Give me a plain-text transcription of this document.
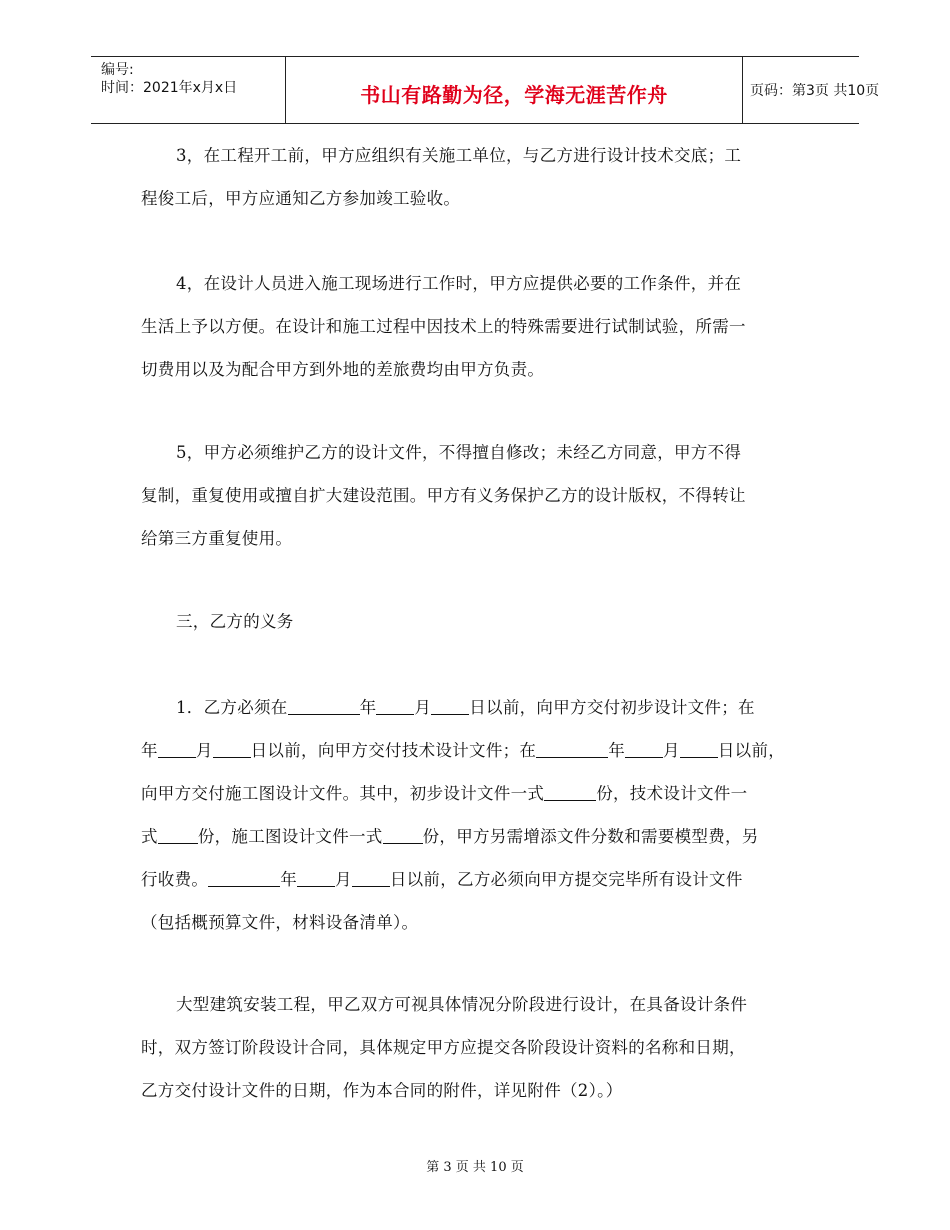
编号:
时间：2021年x月x日	书山有路勤为径，学海无涯苦作舟	页码：第3页 共10页

3，在工程开工前，甲方应组织有关施工单位，与乙方进行设计技术交底；工

程俊工后，甲方应通知乙方参加竣工验收。

4，在设计人员进入施工现场进行工作时，甲方应提供必要的工作条件，并在

生活上予以方便。在设计和施工过程中因技术上的特殊需要进行试制试验，所需一

切费用以及为配合甲方到外地的差旅费均由甲方负责。

5，甲方必须维护乙方的设计文件，不得擅自修改；未经乙方同意，甲方不得

复制，重复使用或擅自扩大建设范围。甲方有义务保护乙方的设计版权，不得转让

给第三方重复使用。

三，乙方的义务

1．乙方必须在	年 月 日以前，向甲方交付初步设计文件；在

年 月 日以前，向甲方交付技术设计文件；在	年 月 日以前，

向甲方交付施工图设计文件。其中，初步设计文件一式	份，技术设计文件一

式 份，施工图设计文件一式 份，甲方另需增添文件分数和需要模型费，另

行收费。	年 月 日以前，乙方必须向甲方提交完毕所有设计文件

（包括概预算文件，材料设备清单）。

大型建筑安装工程，甲乙双方可视具体情况分阶段进行设计，在具备设计条件

时，双方签订阶段设计合同，具体规定甲方应提交各阶段设计资料的名称和日期，

乙方交付设计文件的日期，作为本合同的附件，详见附件（2）。）

第 3 页 共 10 页
